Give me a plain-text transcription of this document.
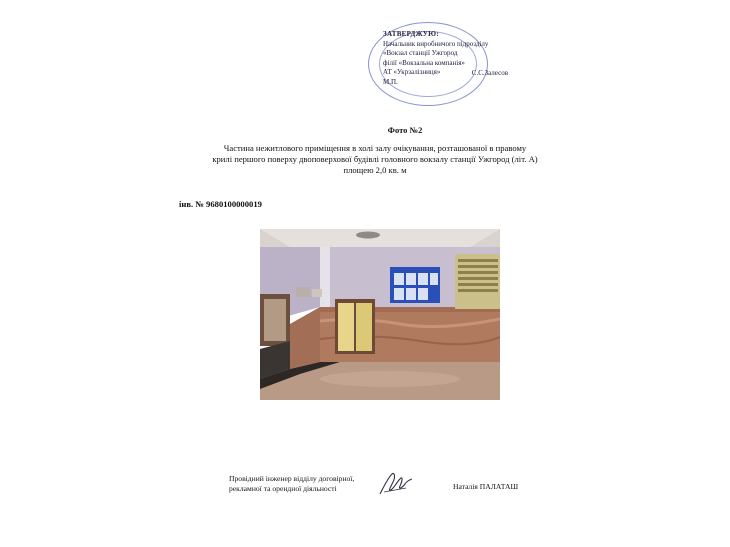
ЗАТВЕРДЖУЮ:
Начальник виробничого підрозділу
«Вокзал станції Ужгород
філії «Вокзальна компанія»
АТ «Укрзалізниця»
М.П.
С.С.Залесов
Фото №2
Частина нежитлового приміщення в холі залу очікування, розташованої в правому
крилі першого поверху двоповерхової будівлі головного вокзалу станції Ужгород (літ. А)
площею 2,0 кв. м
інв. № 9680100000019
Провідний інженер відділу договірної,
рекламної та орендної діяльності	Наталія ПАЛАТАШ
